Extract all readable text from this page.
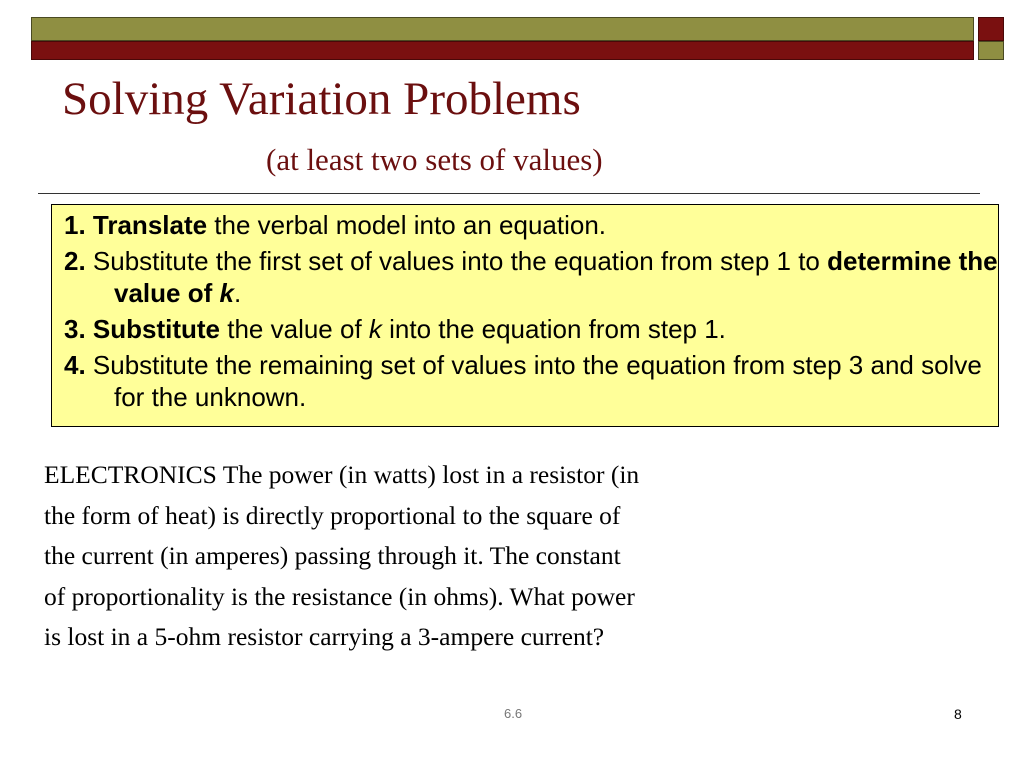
Solving Variation Problems
(at least two sets of values)

1. Translate the verbal model into an equation.

2. Substitute the first set of values into the equation from step 1 to determine the value of k.

3. Substitute the value of k into the equation from step 1.

4. Substitute the remaining set of values into the equation from step 3 and solve for the unknown.

ELECTRONICS The power (in watts) lost in a resistor (in the form of heat) is directly proportional to the square of the current (in amperes) passing through it. The constant of proportionality is the resistance (in ohms). What power is lost in a 5-ohm resistor carrying a 3-ampere current?

6.6	8
